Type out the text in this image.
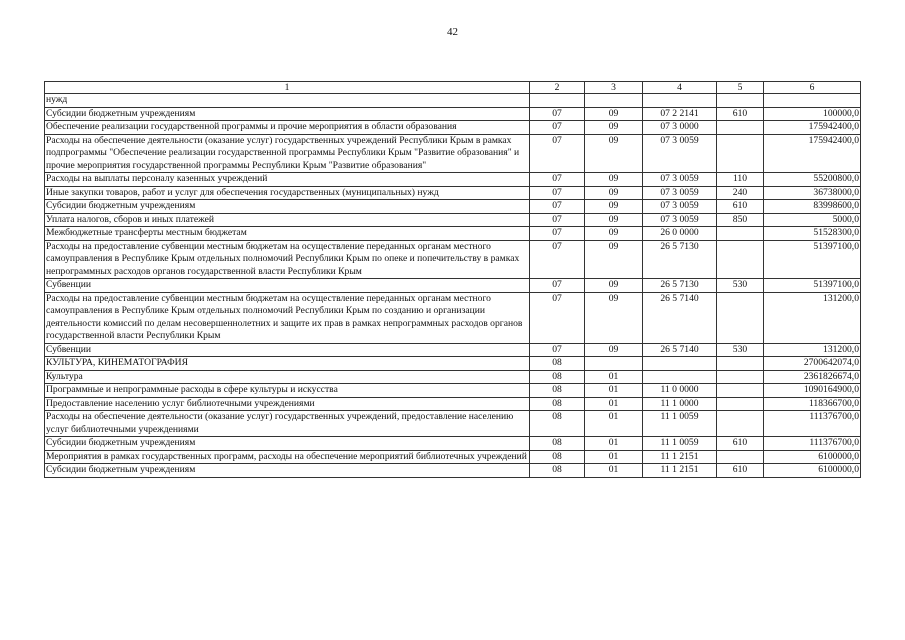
42
1	2	3	4	5	6
нужд					
Субсидии бюджетным учреждениям	07	09	07 2 2141	610	100000,0
Обеспечение реализации государственной программы и прочие мероприятия в области образования	07	09	07 3 0000		175942400,0
Расходы на обеспечение деятельности (оказание услуг) государственных учреждений Республики Крым в рамках подпрограммы "Обеспечение реализации государственной программы Республики Крым "Развитие образования" и прочие мероприятия государственной программы Республики Крым "Развитие образования"	07	09	07 3 0059		175942400,0
Расходы на выплаты персоналу казенных учреждений	07	09	07 3 0059	110	55200800,0
Иные закупки товаров, работ и услуг для обеспечения государственных (муниципальных) нужд	07	09	07 3 0059	240	36738000,0
Субсидии бюджетным учреждениям	07	09	07 3 0059	610	83998600,0
Уплата налогов, сборов и иных платежей	07	09	07 3 0059	850	5000,0
Межбюджетные трансферты местным бюджетам	07	09	26 0 0000		51528300,0
Расходы на предоставление субвенции местным бюджетам на осуществление переданных органам местного самоуправления в Республике Крым отдельных полномочий Республики Крым по опеке и попечительству в рамках непрограммных расходов органов государственной власти Республики Крым	07	09	26 5 7130		51397100,0
Субвенции	07	09	26 5 7130	530	51397100,0
Расходы на предоставление субвенции местным бюджетам на осуществление переданных органам местного самоуправления в Республике Крым отдельных полномочий Республики Крым по созданию и организации деятельности комиссий по делам несовершеннолетних и защите их прав в рамках непрограммных расходов органов государственной власти Республики Крым	07	09	26 5 7140		131200,0
Субвенции	07	09	26 5 7140	530	131200,0
КУЛЬТУРА, КИНЕМАТОГРАФИЯ	08				2700642074,0
Культура	08	01			2361826674,0
Программные и непрограммные расходы в сфере культуры и искусства	08	01	11 0 0000		1090164900,0
Предоставление населению услуг библиотечными учреждениями	08	01	11 1 0000		118366700,0
Расходы на обеспечение деятельности (оказание услуг) государственных учреждений, предоставление населению услуг библиотечными учреждениями	08	01	11 1 0059		111376700,0
Субсидии бюджетным учреждениям	08	01	11 1 0059	610	111376700,0
Мероприятия в рамках государственных программ, расходы на обеспечение мероприятий библиотечных учреждений	08	01	11 1 2151		6100000,0
Субсидии бюджетным учреждениям	08	01	11 1 2151	610	6100000,0
